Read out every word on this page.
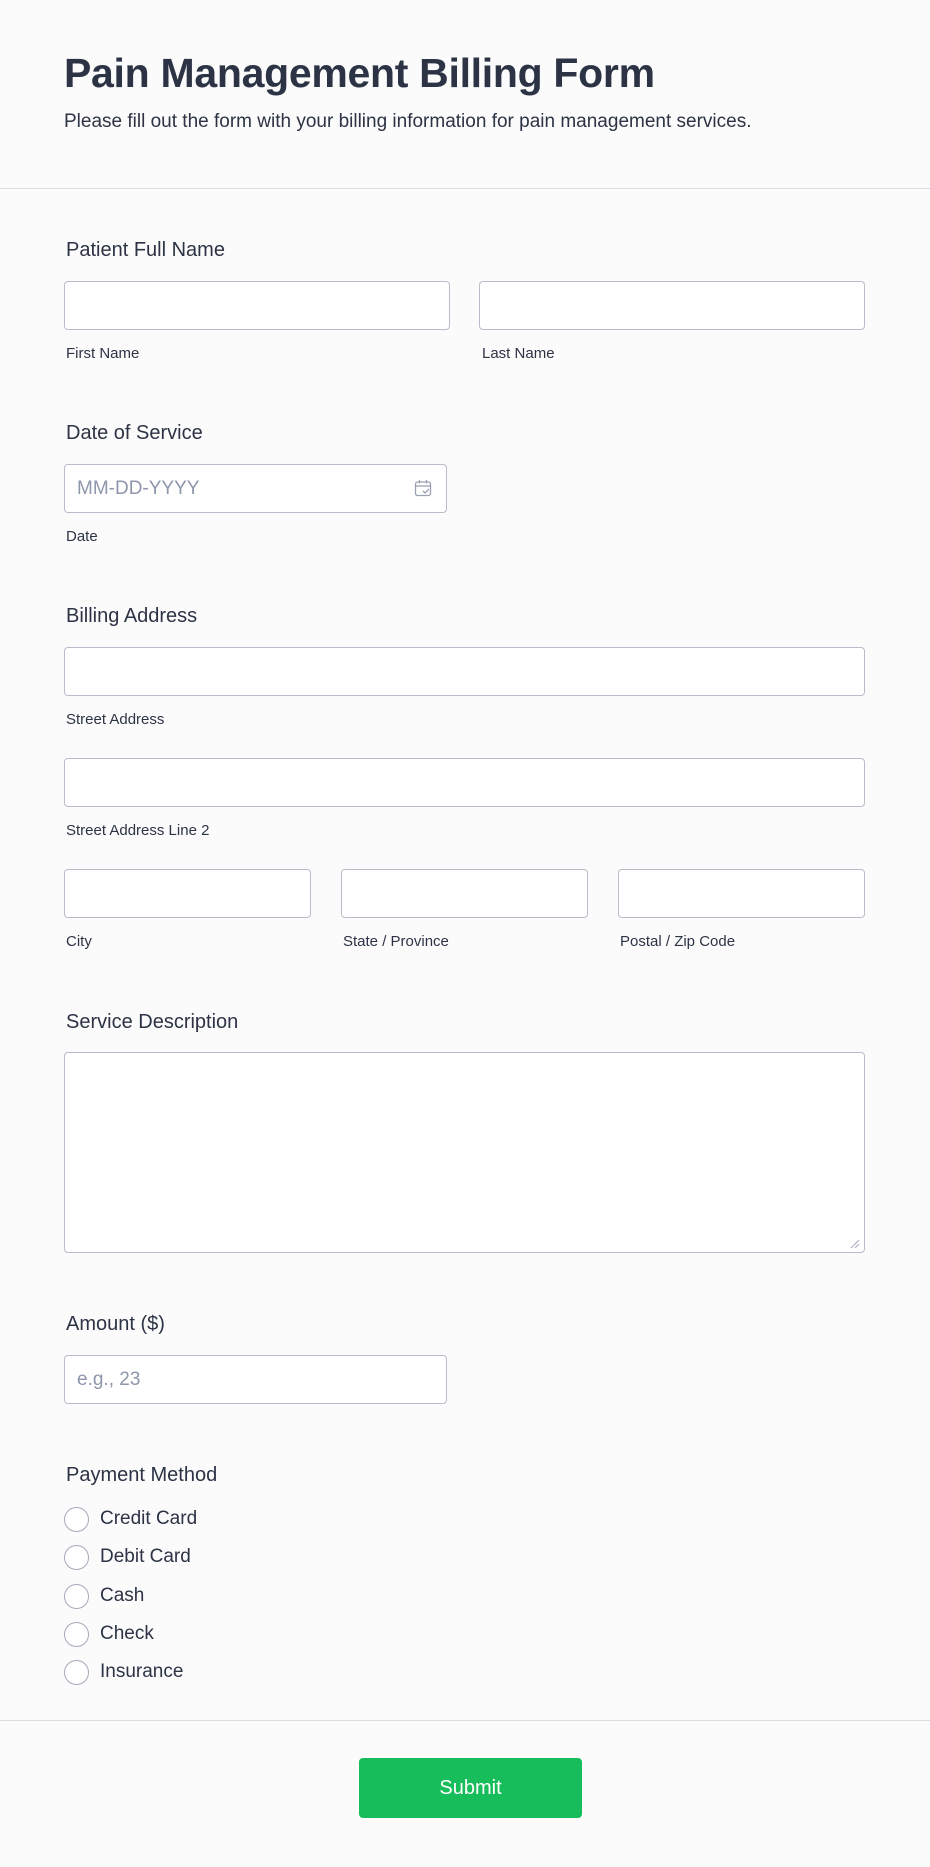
Pain Management Billing Form

Please fill out the form with your billing information for pain management services.

Patient Full Name
First Name	Last Name
Date of Service
MM-DD-YYYY
Date
Billing Address
Street Address
Street Address Line 2
City	State / Province	Postal / Zip Code
Service Description
Amount ($)
e.g., 23
Payment Method
Credit Card
Debit Card
Cash
Check
Insurance
Submit
